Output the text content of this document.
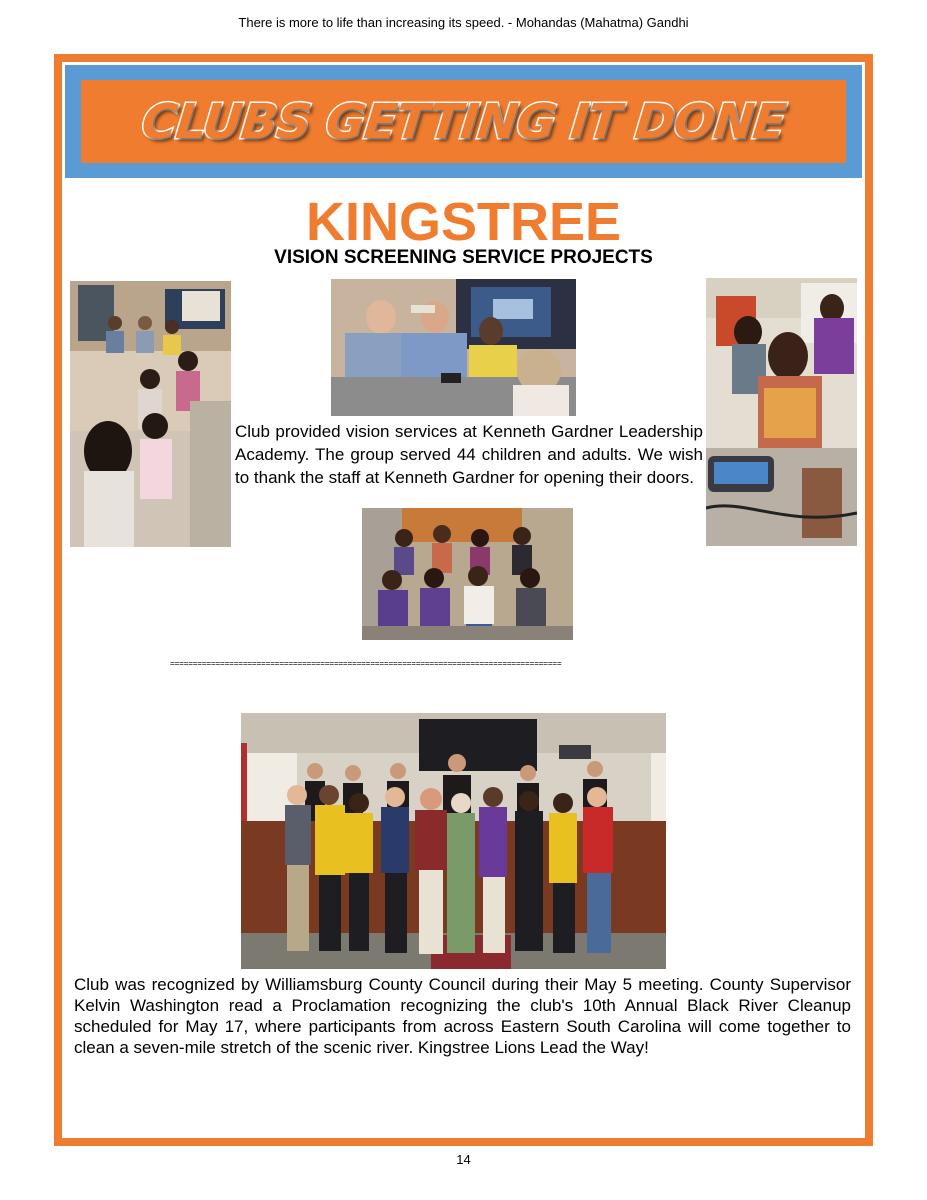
There is more to life than increasing its speed. - Mohandas (Mahatma) Gandhi
CLUBS GETTING IT DONE
KINGSTREE
VISION SCREENING SERVICE PROJECTS
Club provided vision services at Kenneth Gardner Leadership Academy. The group served 44 children and adults. We wish to thank the staff at Kenneth Gardner for opening their doors.
======================================================================================
Club was recognized by Williamsburg County Council during their May 5 meeting. County Supervisor Kelvin Washington read a Proclamation recognizing the club's 10th Annual Black River Cleanup scheduled for May 17, where participants from across Eastern South Carolina will come together to clean a seven-mile stretch of the scenic river. Kingstree Lions Lead the Way!
14
